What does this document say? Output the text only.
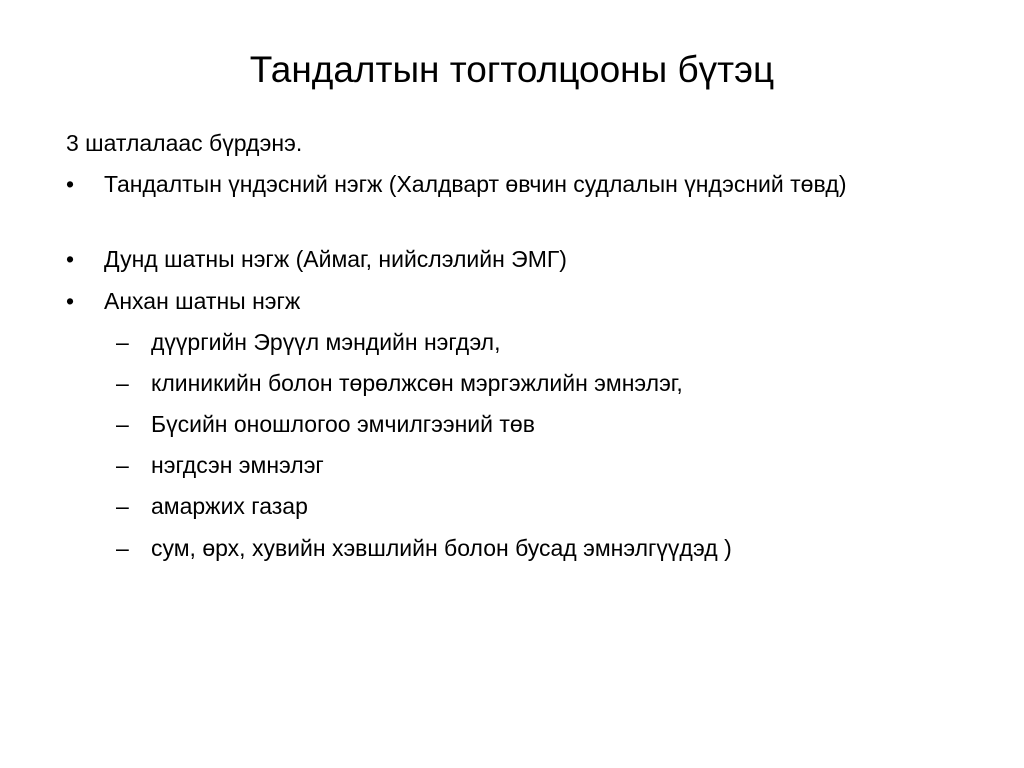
Тандалтын тогтолцооны бүтэц
3 шатлалаас бүрдэнэ.
• Тандалтын үндэсний нэгж (Халдварт өвчин судлалын үндэсний төвд)
• Дунд шатны нэгж (Аймаг, нийслэлийн ЭМГ)
• Анхан шатны нэгж
– дүүргийн Эрүүл мэндийн нэгдэл,
– клиникийн болон төрөлжсөн мэргэжлийн эмнэлэг,
– Бүсийн оношлогоо эмчилгээний төв
– нэгдсэн эмнэлэг
– амаржих газар
– сум, өрх, хувийн хэвшлийн болон бусад эмнэлгүүдэд )
